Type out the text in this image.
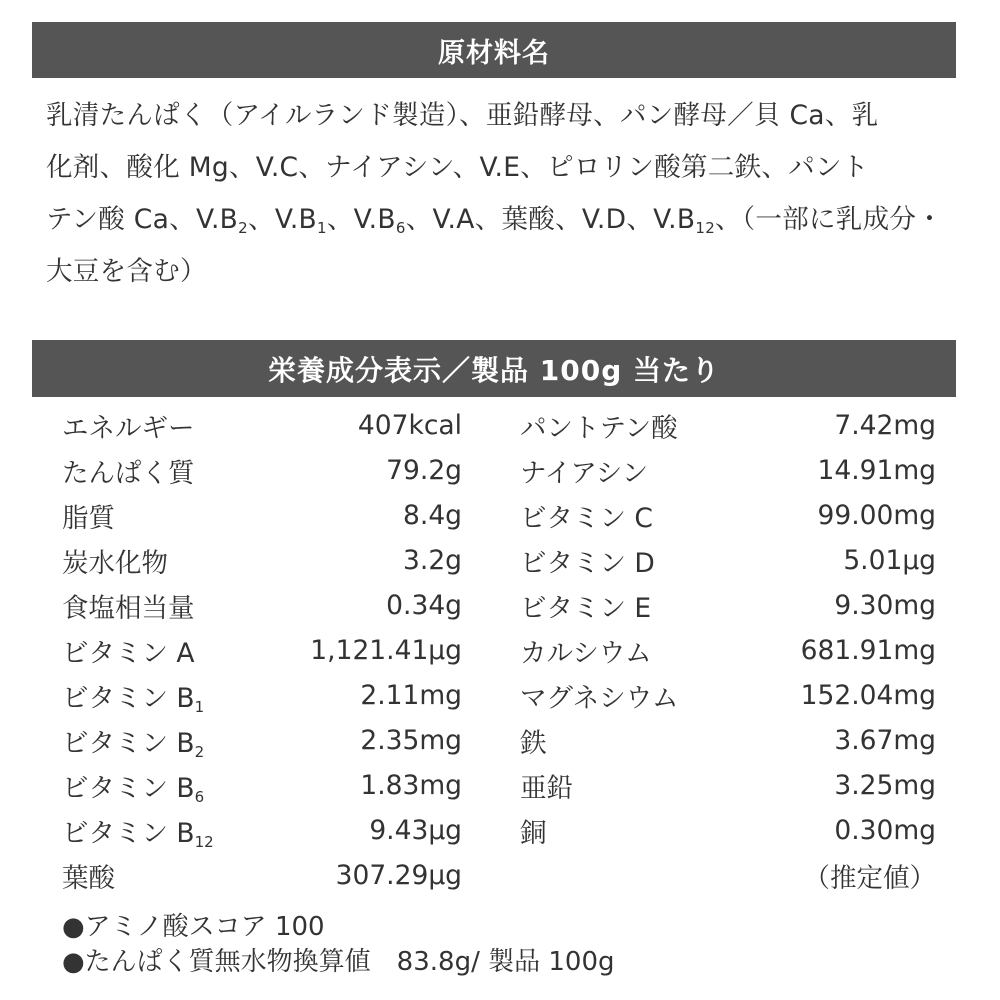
原材料名
乳清たんぱく（アイルランド製造）、亜鉛酵母、パン酵母／貝 Ca、乳
化剤、酸化 Mg、V.C、ナイアシン、V.E、ピロリン酸第二鉄、パント
テン酸 Ca、$V.B_2$、$V.B_1$、$V.B_6$、V.A、葉酸、V.D、$V.B_{12}$、（一部に乳成分・
大豆を含む）
栄養成分表示／製品 100g 当たり
エネルギー	407kcal
たんぱく質	79.2g
脂質	8.4g
炭水化物	3.2g
食塩相当量	0.34g
ビタミン A	1,121.41μg
ビタミン $B_1$	2.11mg
ビタミン $B_2$	2.35mg
ビタミン $B_6$	1.83mg
ビタミン $B_{12}$	9.43μg
葉酸	307.29μg
パントテン酸	7.42mg
ナイアシン	14.91mg
ビタミン C	99.00mg
ビタミン D	5.01μg
ビタミン E	9.30mg
カルシウム	681.91mg
マグネシウム	152.04mg
鉄	3.67mg
亜鉛	3.25mg
銅	0.30mg
（推定値）
●アミノ酸スコア 100
●たんぱく質無水物換算値　83.8g/ 製品 100g
